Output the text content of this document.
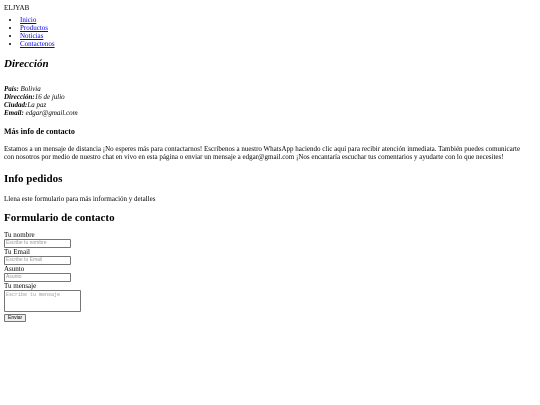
ELJYAB
• Inicio
• Productos
• Noticias
• Contactenos
Dirección

País: Bolivia

Dirección:16 de julio

Ciudad:La paz

Email: edgar@gmail.com

Más info de contacto

Estamos a un mensaje de distancia ¡No esperes más para contactarnos! Escríbenos a nuestro WhatsApp haciendo clic aquí para recibir atención inmediata. También puedes comunicarte con nosotros por medio de nuestro chat en vivo en esta página o enviar un mensaje a edgar@gmail.com ¡Nos encantaría escuchar tus comentarios y ayudarte con lo que necesites!

Info pedidos

Llena este formulario para más información y detalles

Formulario de contacto
Tu nombre
Escribe tu nombre
Tu Email
Escribe tu Email
Asunto
Asunto
Tu mensaje
Escribe tu mensaje Enviar
